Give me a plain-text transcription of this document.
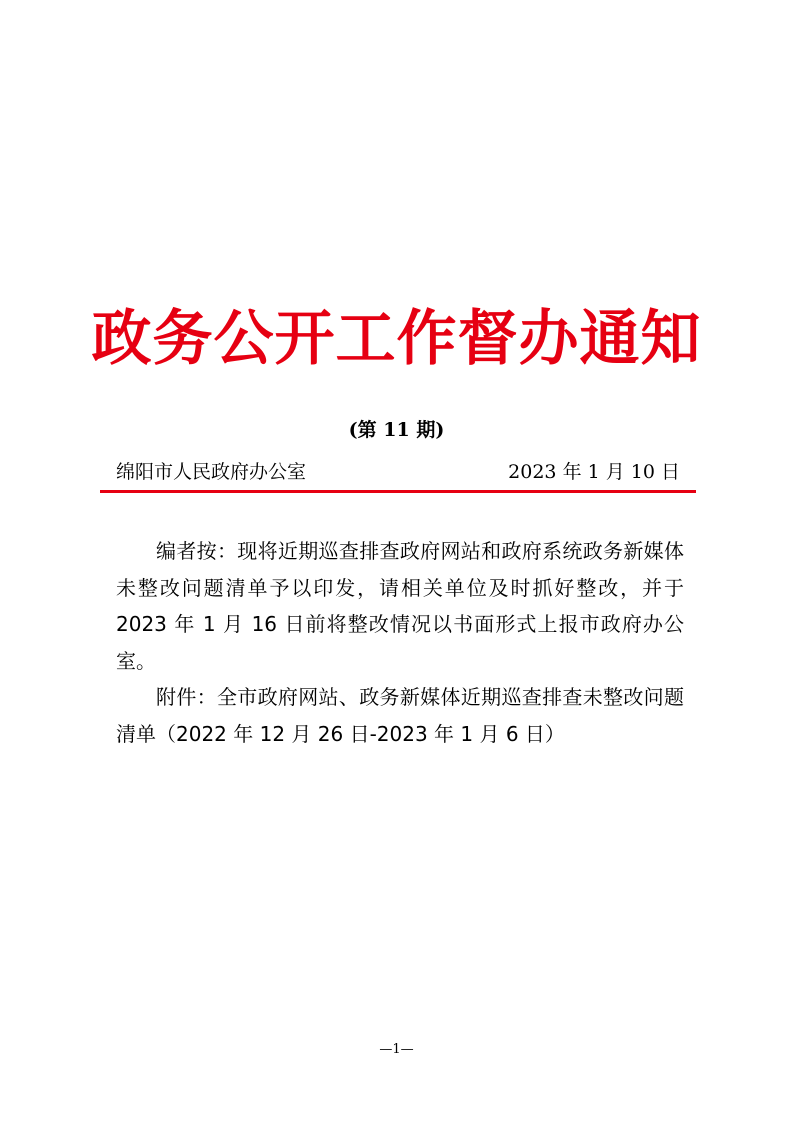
政务公开工作督办通知
(第 11 期)
绵阳市人民政府办公室	2023 年 1 月 10 日

编者按：现将近期巡查排查政府网站和政府系统政务新媒体未整改问题清单予以印发，请相关单位及时抓好整改，并于 2023 年 1 月 16 日前将整改情况以书面形式上报市政府办公室。

附件：全市政府网站、政务新媒体近期巡查排查未整改问题清单（2022 年 12 月 26 日-2023 年 1 月 6 日）

—1—
